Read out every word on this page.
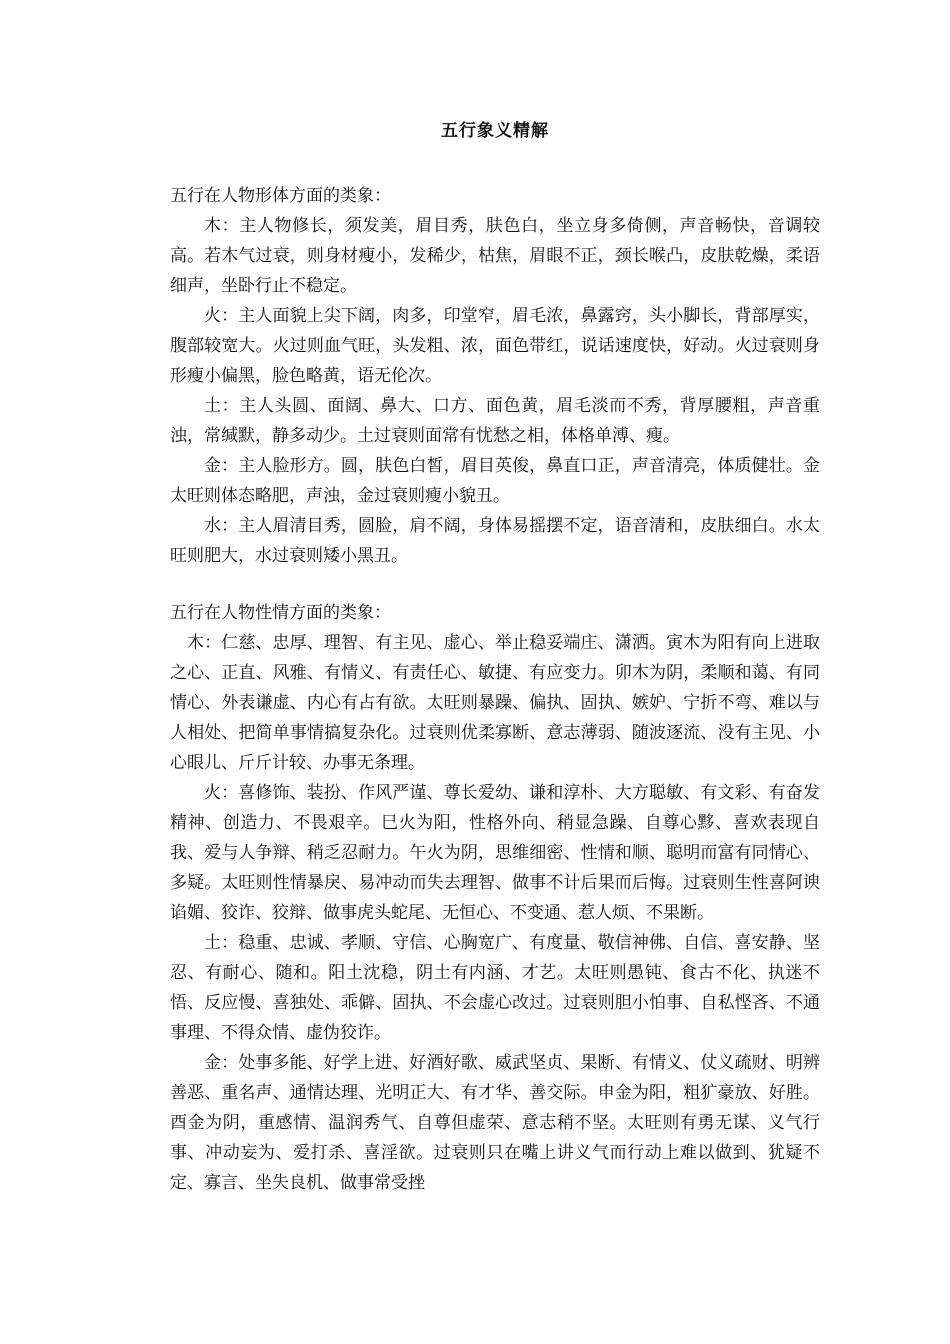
五行象义精解

五行在人物形体方面的类象：

木：主人物修长，须发美，眉目秀，肤色白，坐立身多倚侧，声音畅快，音调较高。若木气过衰，则身材瘦小，发稀少，枯焦，眉眼不正，颈长喉凸，皮肤乾燥，柔语细声，坐卧行止不稳定。

火：主人面貌上尖下阔，肉多，印堂窄，眉毛浓，鼻露窍，头小脚长，背部厚实，腹部较宽大。火过则血气旺，头发粗、浓，面色带红，说话速度快，好动。火过衰则身形瘦小偏黑，脸色略黄，语无伦次。

土：主人头圆、面阔、鼻大、口方、面色黄，眉毛淡而不秀，背厚腰粗，声音重浊，常缄默，静多动少。土过衰则面常有忧愁之相，体格单溥、瘦。

金：主人脸形方。圆，肤色白皙，眉目英俊，鼻直口正，声音清亮，体质健壮。金太旺则体态略肥，声浊，金过衰则瘦小貌丑。

水：主人眉清目秀，圆脸，肩不阔，身体易摇摆不定，语音清和，皮肤细白。水太旺则肥大，水过衰则矮小黑丑。

五行在人物性情方面的类象：

木：仁慈、忠厚、理智、有主见、虚心、举止稳妥端庄、潇洒。寅木为阳有向上进取之心、正直、风雅、有情义、有责任心、敏捷、有应变力。卯木为阴，柔顺和蔼、有同情心、外表谦虚、内心有占有欲。太旺则暴躁、偏执、固执、嫉妒、宁折不弯、难以与人相处、把简单事情搞复杂化。过衰则优柔寡断、意志薄弱、随波逐流、没有主见、小心眼儿、斤斤计较、办事无条理。

火：喜修饰、装扮、作风严谨、尊长爱幼、谦和淳朴、大方聪敏、有文彩、有奋发精神、创造力、不畏艰辛。巳火为阳，性格外向、稍显急躁、自尊心黟、喜欢表现自我、爱与人争辩、稍乏忍耐力。午火为阴，思维细密、性情和顺、聪明而富有同情心、多疑。太旺则性情暴戾、易冲动而失去理智、做事不计后果而后悔。过衰则生性喜阿谀谄媚、狡诈、狡辩、做事虎头蛇尾、无恒心、不变通、惹人烦、不果断。

土：稳重、忠诚、孝顺、守信、心胸宽广、有度量、敬信神佛、自信、喜安静、坚忍、有耐心、随和。阳土沈稳，阴土有内涵、才艺。太旺则愚钝、食古不化、执迷不悟、反应慢、喜独处、乖僻、固执、不会虚心改过。过衰则胆小怕事、自私悭吝、不通事理、不得众情、虚伪狡诈。

金：处事多能、好学上进、好酒好歌、威武坚贞、果断、有情义、仗义疏财、明辨善恶、重名声、通情达理、光明正大、有才华、善交际。申金为阳，粗犷豪放、好胜。酉金为阴，重感情、温润秀气、自尊但虚荣、意志稍不坚。太旺则有勇无谋、义气行事、冲动妄为、爱打杀、喜淫欲。过衰则只在嘴上讲义气而行动上难以做到、犹疑不定、寡言、坐失良机、做事常受挫
